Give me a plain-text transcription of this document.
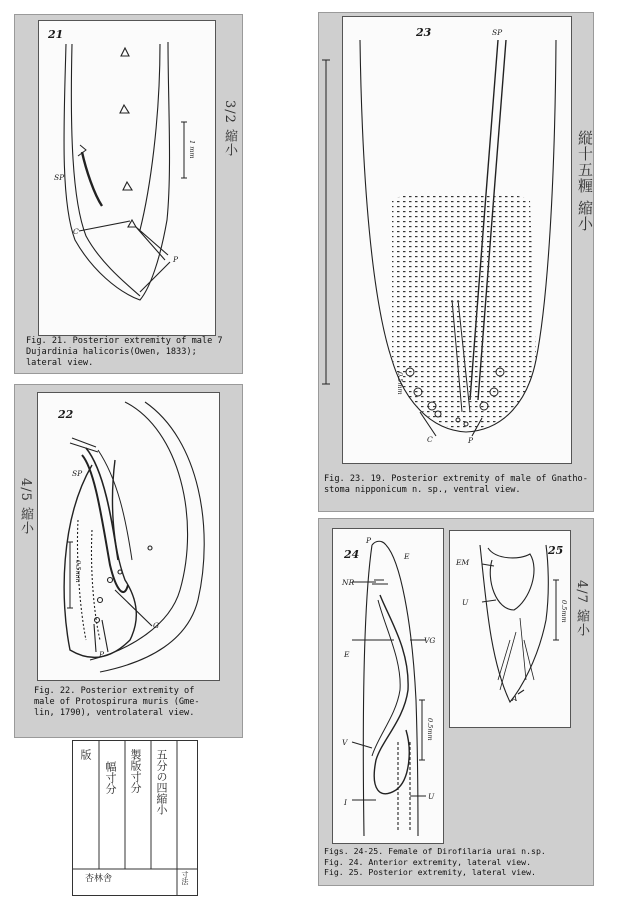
21
SP
C
P
1 mm 3/2 縮小
Fig. 21. Posterior extremity of male 7
Dujardinia halicoris(Owen, 1833);
lateral view.
22
SP
G
P
0.5mm
4/5 縮小
Fig. 22. Posterior extremity of
male of Protospirura muris (Gme-
lin, 1790), ventrolateral view.
五分の四縮小
製版寸分
幅寸分
版
杏林舎	寸法
23	SP
C	P
0.5mm
縦十五糎 縮小
Fig. 23. 19. Posterior extremity of male of Gnatho-
stoma nipponicum n. sp., ventral view.
24	25
P
E
NR
VG
E
V
I
U
0.5mm
EM
U
A
0.5mm 4/7 縮小
Figs. 24-25. Female of Dirofilaria urai n.sp.
Fig. 24. Anterior extremity, lateral view.
Fig. 25. Posterior extremity, lateral view.
